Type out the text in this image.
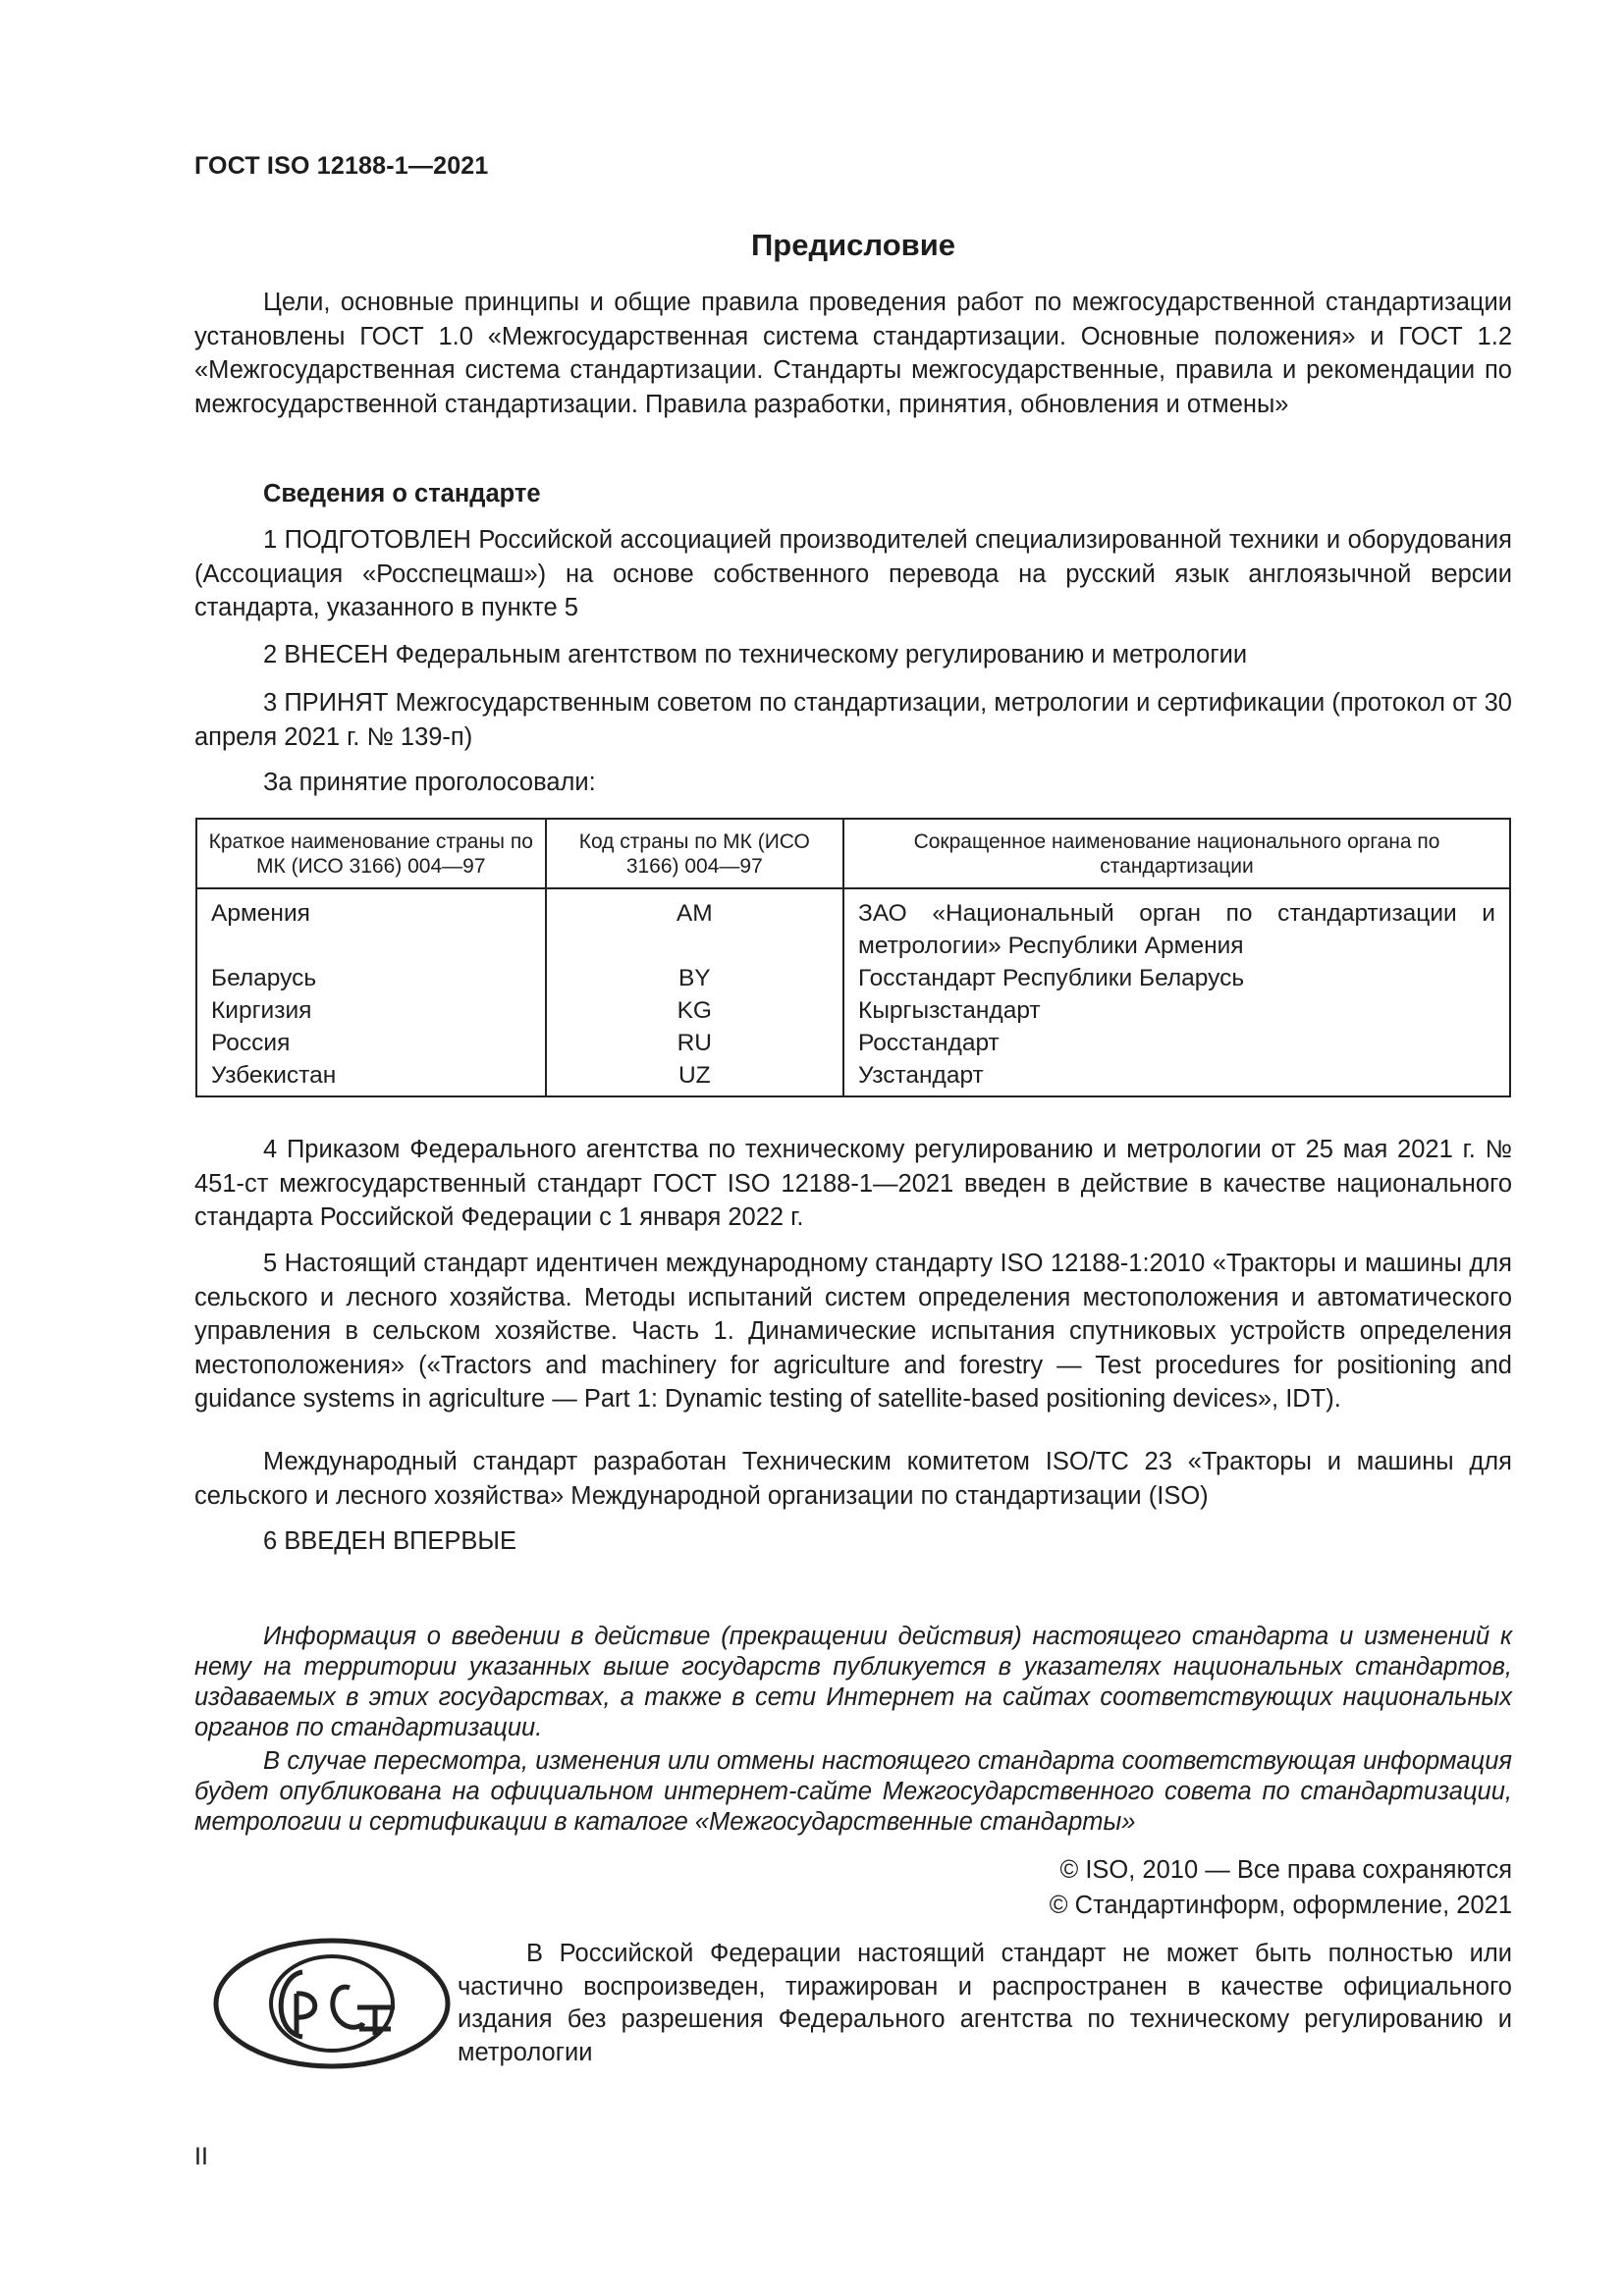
ГОСТ ISO 12188-1—2021
Предисловие

Цели, основные принципы и общие правила проведения работ по межгосударственной стандартизации установлены ГОСТ 1.0 «Межгосударственная система стандартизации. Основные положения» и ГОСТ 1.2 «Межгосударственная система стандартизации. Стандарты межгосударственные, правила и рекомендации по межгосударственной стандартизации. Правила разработки, принятия, обновления и отмены»

Сведения о стандарте

1 ПОДГОТОВЛЕН Российской ассоциацией производителей специализированной техники и оборудования (Ассоциация «Росспецмаш») на основе собственного перевода на русский язык англоязычной версии стандарта, указанного в пункте 5

2 ВНЕСЕН Федеральным агентством по техническому регулированию и метрологии

3 ПРИНЯТ Межгосударственным советом по стандартизации, метрологии и сертификации (протокол от 30 апреля 2021 г. № 139-п)

За принятие проголосовали:

Краткое наименование страны по МК (ИСО 3166) 004—97	Код страны по МК (ИСО 3166) 004—97	Сокращенное наименование национального органа по стандартизации
Армения	AM	ЗАО «Национальный орган по стандартизации и метрологии» Республики Армения
Беларусь	BY	Госстандарт Республики Беларусь
Киргизия	KG	Кыргызстандарт
Россия	RU	Росстандарт
Узбекистан	UZ	Узстандарт

4 Приказом Федерального агентства по техническому регулированию и метрологии от 25 мая 2021 г. № 451-ст межгосударственный стандарт ГОСТ ISO 12188-1—2021 введен в действие в качестве национального стандарта Российской Федерации с 1 января 2022 г.

5 Настоящий стандарт идентичен международному стандарту ISO 12188-1:2010 «Тракторы и машины для сельского и лесного хозяйства. Методы испытаний систем определения местоположения и автоматического управления в сельском хозяйстве. Часть 1. Динамические испытания спутниковых устройств определения местоположения» («Tractors and machinery for agriculture and forestry — Test procedures for positioning and guidance systems in agriculture — Part 1: Dynamic testing of satellite-based positioning devices», IDT).

Международный стандарт разработан Техническим комитетом ISO/TC 23 «Тракторы и машины для сельского и лесного хозяйства» Международной организации по стандартизации (ISO)

6 ВВЕДЕН ВПЕРВЫЕ

Информация о введении в действие (прекращении действия) настоящего стандарта и изменений к нему на территории указанных выше государств публикуется в указателях национальных стандартов, издаваемых в этих государствах, а также в сети Интернет на сайтах соответствующих национальных органов по стандартизации.

В случае пересмотра, изменения или отмены настоящего стандарта соответствующая информация будет опубликована на официальном интернет-сайте Межгосударственного совета по стандартизации, метрологии и сертификации в каталоге «Межгосударственные стандарты»

© ISO, 2010 — Все права сохраняются
© Стандартинформ, оформление, 2021

В Российской Федерации настоящий стандарт не может быть полностью или частично воспроизведен, тиражирован и распространен в качестве официального издания без разрешения Федерального агентства по техническому регулированию и метрологии

II
